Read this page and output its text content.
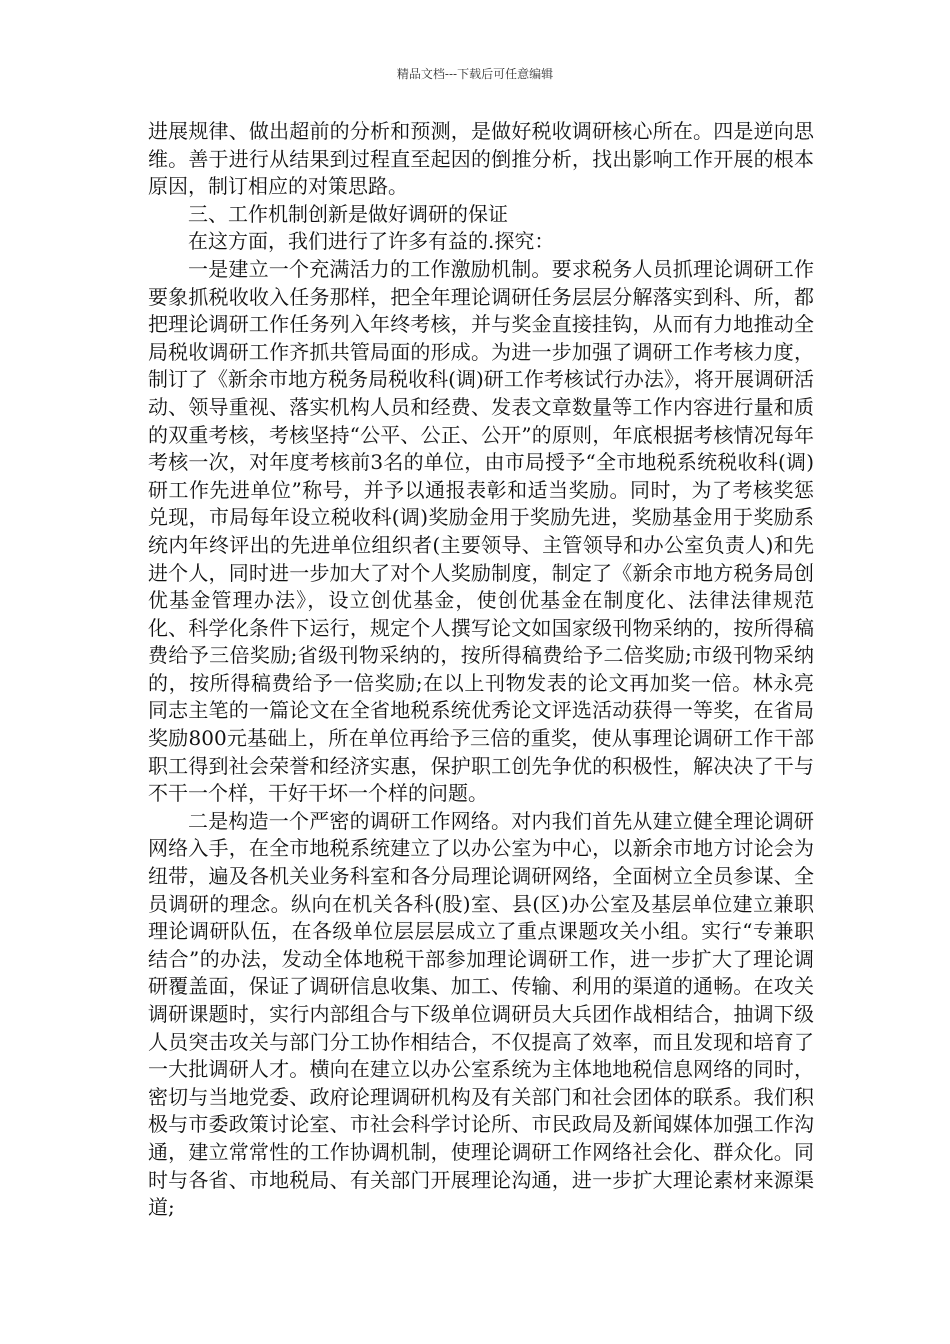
精品文档---下载后可任意编辑

进展规律、做出超前的分析和预测，是做好税收调研核心所在。四是逆向思维。善于进行从结果到过程直至起因的倒推分析，找出影响工作开展的根本原因，制订相应的对策思路。

三、工作机制创新是做好调研的保证

在这方面，我们进行了许多有益的.探究：

一是建立一个充满活力的工作激励机制。要求税务人员抓理论调研工作要象抓税收收入任务那样，把全年理论调研任务层层分解落实到科、所，都把理论调研工作任务列入年终考核，并与奖金直接挂钩，从而有力地推动全局税收调研工作齐抓共管局面的形成。为进一步加强了调研工作考核力度，制订了《新余市地方税务局税收科(调)研工作考核试行办法》，将开展调研活动、领导重视、落实机构人员和经费、发表文章数量等工作内容进行量和质的双重考核，考核坚持“公平、公正、公开”的原则，年底根据考核情况每年考核一次，对年度考核前3名的单位，由市局授予“全市地税系统税收科(调)研工作先进单位”称号，并予以通报表彰和适当奖励。同时，为了考核奖惩兑现，市局每年设立税收科(调)奖励金用于奖励先进，奖励基金用于奖励系统内年终评出的先进单位组织者(主要领导、主管领导和办公室负责人)和先进个人，同时进一步加大了对个人奖励制度，制定了《新余市地方税务局创优基金管理办法》，设立创优基金，使创优基金在制度化、法律法律规范化、科学化条件下运行，规定个人撰写论文如国家级刊物采纳的，按所得稿费给予三倍奖励;省级刊物采纳的，按所得稿费给予二倍奖励;市级刊物采纳的，按所得稿费给予一倍奖励;在以上刊物发表的论文再加奖一倍。林永亮同志主笔的一篇论文在全省地税系统优秀论文评选活动获得一等奖，在省局奖励800元基础上，所在单位再给予三倍的重奖，使从事理论调研工作干部职工得到社会荣誉和经济实惠，保护职工创先争优的积极性，解决决了干与不干一个样，干好干坏一个样的问题。

二是构造一个严密的调研工作网络。对内我们首先从建立健全理论调研网络入手，在全市地税系统建立了以办公室为中心，以新余市地方讨论会为纽带，遍及各机关业务科室和各分局理论调研网络，全面树立全员参谋、全员调研的理念。纵向在机关各科(股)室、县(区)办公室及基层单位建立兼职理论调研队伍，在各级单位层层层成立了重点课题攻关小组。实行“专兼职结合”的办法，发动全体地税干部参加理论调研工作，进一步扩大了理论调研覆盖面，保证了调研信息收集、加工、传输、利用的渠道的通畅。在攻关调研课题时，实行内部组合与下级单位调研员大兵团作战相结合，抽调下级人员突击攻关与部门分工协作相结合，不仅提高了效率，而且发现和培育了一大批调研人才。横向在建立以办公室系统为主体地地税信息网络的同时，密切与当地党委、政府论理调研机构及有关部门和社会团体的联系。我们积极与市委政策讨论室、市社会科学讨论所、市民政局及新闻媒体加强工作沟通，建立常常性的工作协调机制，使理论调研工作网络社会化、群众化。同时与各省、市地税局、有关部门开展理论沟通，进一步扩大理论素材来源渠道;
